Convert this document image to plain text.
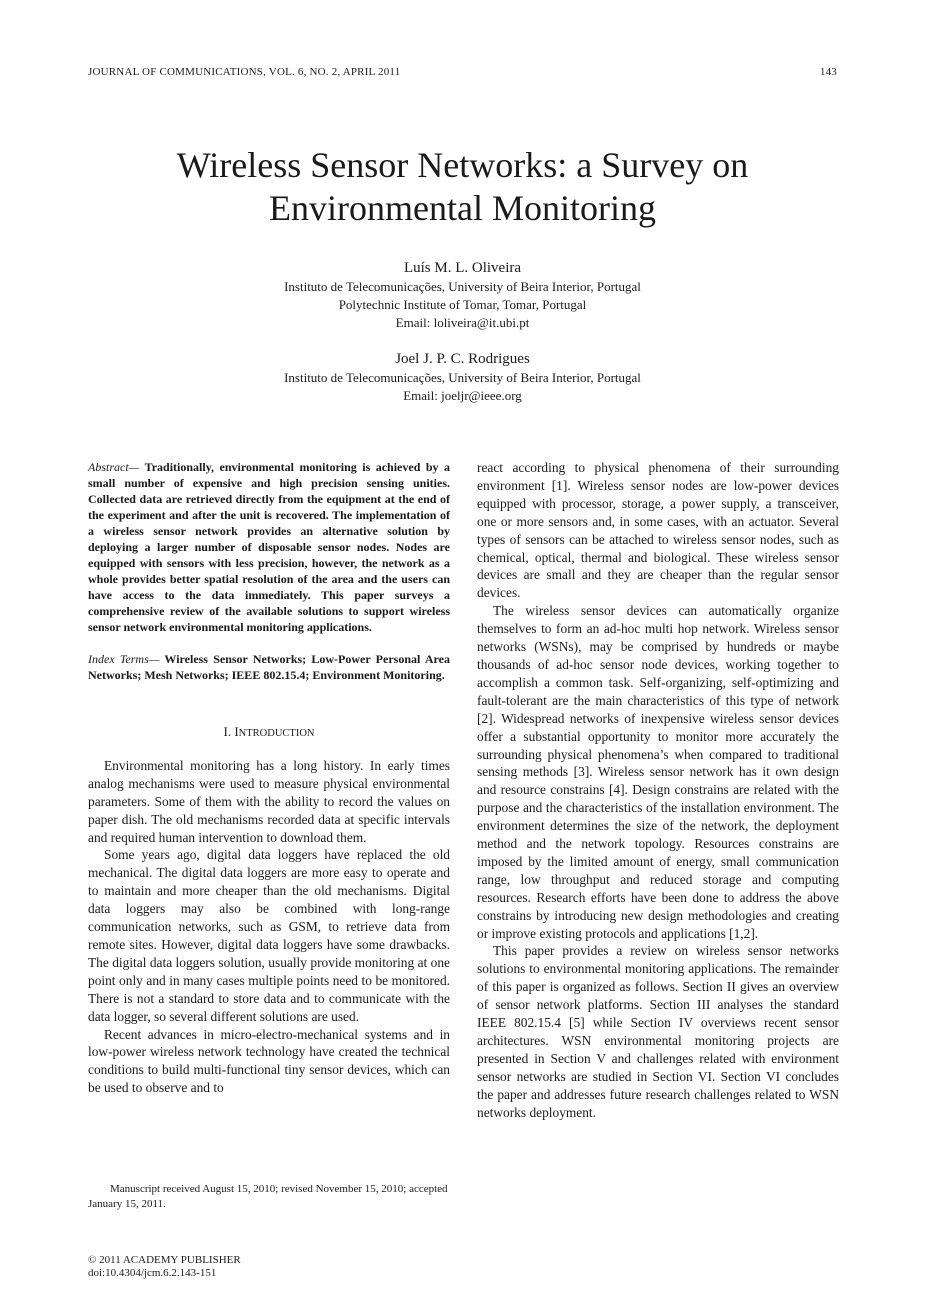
JOURNAL OF COMMUNICATIONS, VOL. 6, NO. 2, APRIL 2011	143
Wireless Sensor Networks: a Survey on
Environmental Monitoring
Luís M. L. Oliveira
Instituto de Telecomunicações, University of Beira Interior, Portugal
Polytechnic Institute of Tomar, Tomar, Portugal
Email: loliveira@it.ubi.pt
Joel J. P. C. Rodrigues
Instituto de Telecomunicações, University of Beira Interior, Portugal
Email: joeljr@ieee.org
Abstract— Traditionally, environmental monitoring is achieved by a small number of expensive and high precision sensing unities. Collected data are retrieved directly from the equipment at the end of the experiment and after the unit is recovered. The implementation of a wireless sensor network provides an alternative solution by deploying a larger number of disposable sensor nodes. Nodes are equipped with sensors with less precision, however, the network as a whole provides better spatial resolution of the area and the users can have access to the data immediately. This paper surveys a comprehensive review of the available solutions to support wireless sensor network environmental monitoring applications.
Index Terms— Wireless Sensor Networks; Low-Power Personal Area Networks; Mesh Networks; IEEE 802.15.4; Environment Monitoring.
I. INTRODUCTION

Environmental monitoring has a long history. In early times analog mechanisms were used to measure physical environmental parameters. Some of them with the ability to record the values on paper dish. The old mechanisms recorded data at specific intervals and required human intervention to download them.

Some years ago, digital data loggers have replaced the old mechanical. The digital data loggers are more easy to operate and to maintain and more cheaper than the old mechanisms. Digital data loggers may also be combined with long-range communication networks, such as GSM, to retrieve data from remote sites. However, digital data loggers have some drawbacks. The digital data loggers solution, usually provide monitoring at one point only and in many cases multiple points need to be monitored. There is not a standard to store data and to communicate with the data logger, so several different solutions are used.

Recent advances in micro-electro-mechanical systems and in low-power wireless network technology have created the technical conditions to build multi-functional tiny sensor devices, which can be used to observe and to

react according to physical phenomena of their surrounding environment [1]. Wireless sensor nodes are low-power devices equipped with processor, storage, a power supply, a transceiver, one or more sensors and, in some cases, with an actuator. Several types of sensors can be attached to wireless sensor nodes, such as chemical, optical, thermal and biological. These wireless sensor devices are small and they are cheaper than the regular sensor devices.

The wireless sensor devices can automatically organize themselves to form an ad-hoc multi hop network. Wireless sensor networks (WSNs), may be comprised by hundreds or maybe thousands of ad-hoc sensor node devices, working together to accomplish a common task. Self-organizing, self-optimizing and fault-tolerant are the main characteristics of this type of network [2]. Widespread networks of inexpensive wireless sensor devices offer a substantial opportunity to monitor more accurately the surrounding physical phenomena’s when compared to traditional sensing methods [3]. Wireless sensor network has it own design and resource constrains [4]. Design constrains are related with the purpose and the characteristics of the installation environment. The environment determines the size of the network, the deployment method and the network topology. Resources constrains are imposed by the limited amount of energy, small communication range, low throughput and reduced storage and computing resources. Research efforts have been done to address the above constrains by introducing new design methodologies and creating or improve existing protocols and applications [1,2].

This paper provides a review on wireless sensor networks solutions to environmental monitoring applications. The remainder of this paper is organized as follows. Section II gives an overview of sensor network platforms. Section III analyses the standard IEEE 802.15.4 [5] while Section IV overviews recent sensor architectures. WSN environmental monitoring projects are presented in Section V and challenges related with environment sensor networks are studied in Section VI. Section VI concludes the paper and addresses future research challenges related to WSN networks deployment.

Manuscript received August 15, 2010; revised November 15, 2010; accepted January 15, 2011.
© 2011 ACADEMY PUBLISHER
doi:10.4304/jcm.6.2.143-151
